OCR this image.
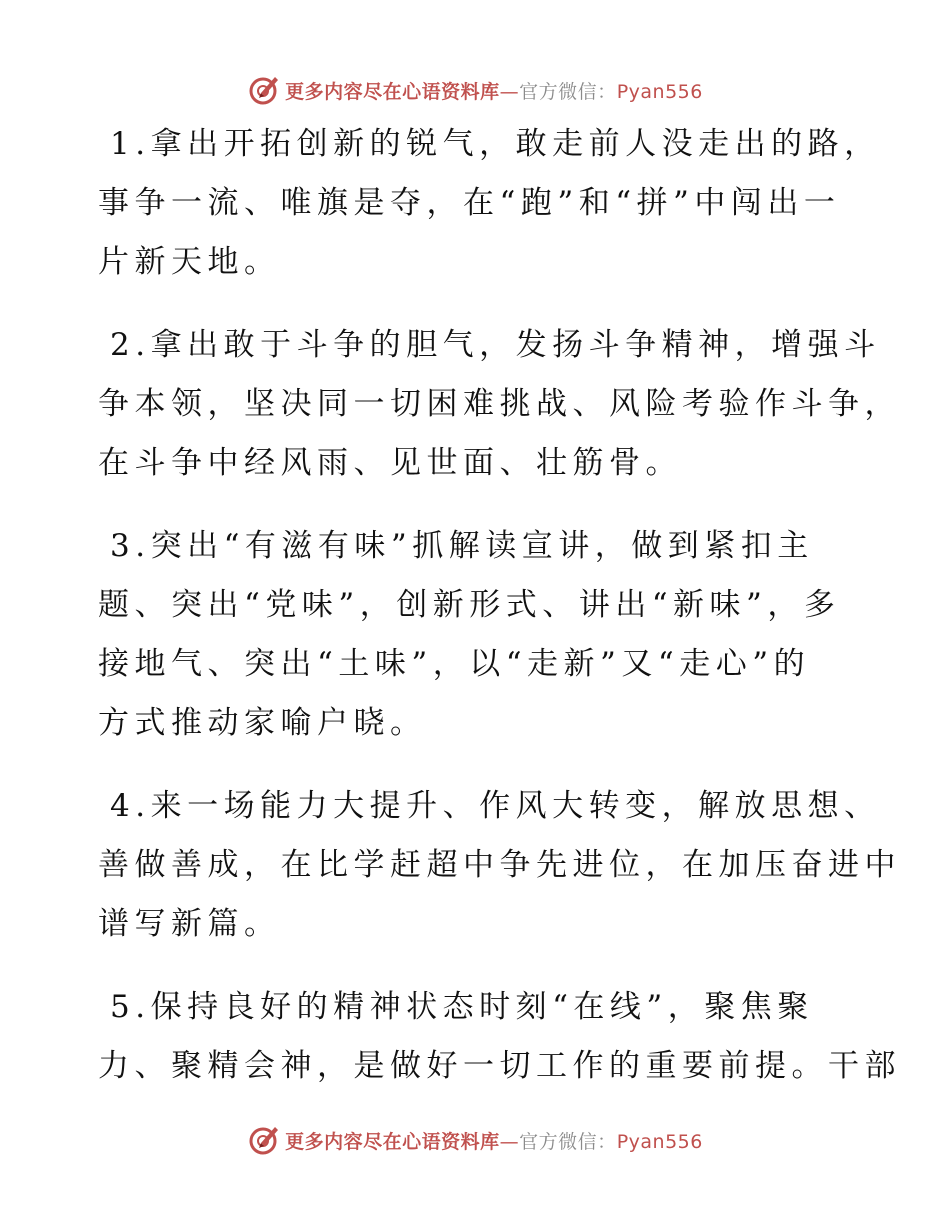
更多内容尽在心语资料库—官方微信：Pyan556
1.拿出开拓创新的锐气，敢走前人没走出的路，
事争一流、唯旗是夺，在“跑”和“拼”中闯出一
片新天地。
2.拿出敢于斗争的胆气，发扬斗争精神，增强斗
争本领，坚决同一切困难挑战、风险考验作斗争，
在斗争中经风雨、见世面、壮筋骨。
3.突出“有滋有味”抓解读宣讲，做到紧扣主
题、突出“党味”，创新形式、讲出“新味”，多
接地气、突出“土味”，以“走新”又“走心”的
方式推动家喻户晓。
4.来一场能力大提升、作风大转变，解放思想、
善做善成，在比学赶超中争先进位，在加压奋进中
谱写新篇。
5.保持良好的精神状态时刻“在线”，聚焦聚
力、聚精会神，是做好一切工作的重要前提。干部
更多内容尽在心语资料库—官方微信：Pyan556
